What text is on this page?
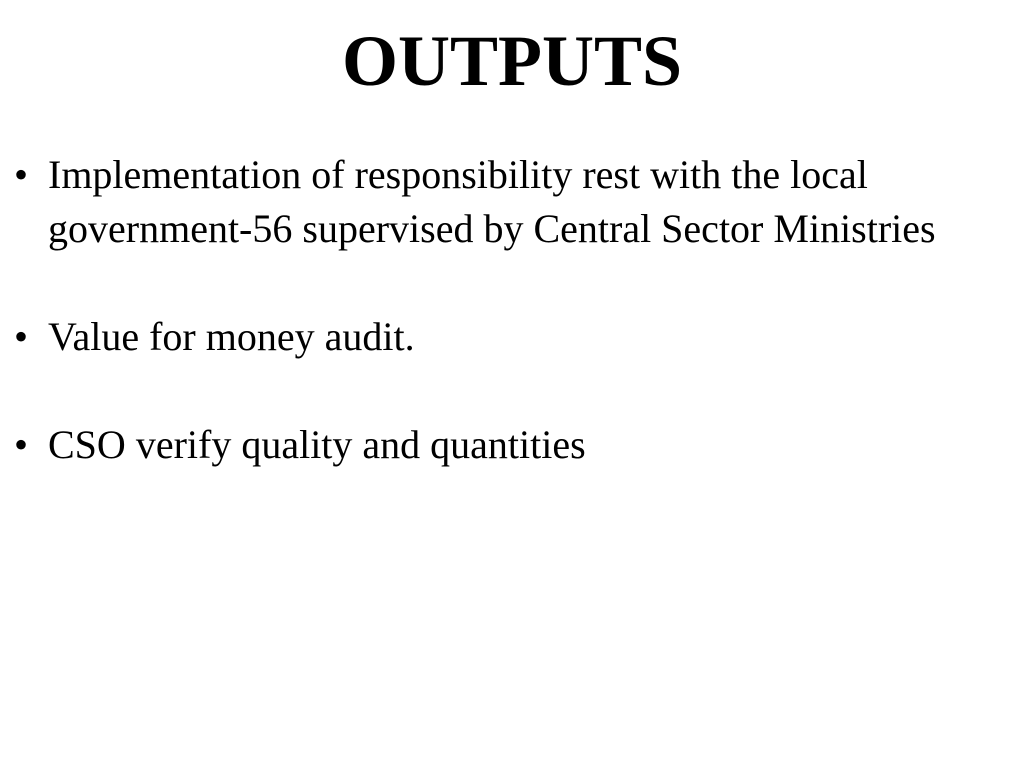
OUTPUTS
• Implementation of responsibility rest with the local government-56 supervised by Central Sector Ministries
• Value for money audit.
• CSO verify quality and quantities
